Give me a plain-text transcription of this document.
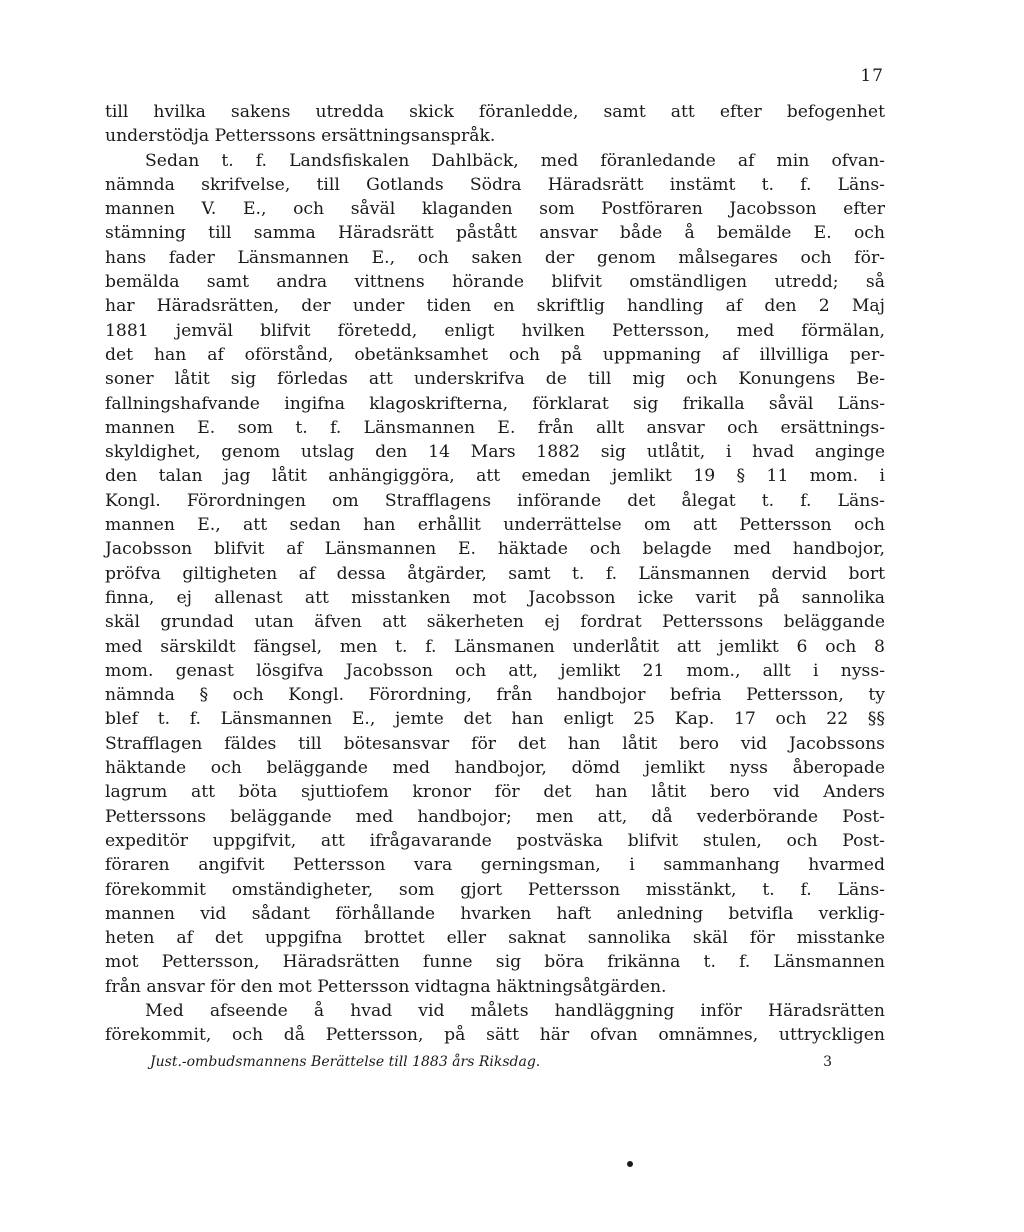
17
till hvilka sakens utredda skick föranledde, samt att efter befogenhet
understödja Petterssons ersättningsanspråk.
Sedan t. f. Landsfiskalen Dahlbäck, med föranledande af min ofvan-
nämnda skrifvelse, till Gotlands Södra Häradsrätt instämt t. f. Läns-
mannen V. E., och såväl klaganden som Postföraren Jacobsson efter
stämning till samma Häradsrätt påstått ansvar både å bemälde E. och
hans fader Länsmannen E., och saken der genom målsegares och för-
bemälda samt andra vittnens hörande blifvit omständligen utredd; så
har Häradsrätten, der under tiden en skriftlig handling af den 2 Maj
1881 jemväl blifvit företedd, enligt hvilken Pettersson, med förmälan,
det han af oförstånd, obetänksamhet och på uppmaning af illvilliga per-
soner låtit sig förledas att underskrifva de till mig och Konungens Be-
fallningshafvande ingifna klagoskrifterna, förklarat sig frikalla såväl Läns-
mannen E. som t. f. Länsmannen E. från allt ansvar och ersättnings-
skyldighet, genom utslag den 14 Mars 1882 sig utlåtit, i hvad anginge
den talan jag låtit anhängiggöra, att emedan jemlikt 19 § 11 mom. i
Kongl. Förordningen om Strafflagens införande det ålegat t. f. Läns-
mannen E., att sedan han erhållit underrättelse om att Pettersson och
Jacobsson blifvit af Länsmannen E. häktade och belagde med handbojor,
pröfva giltigheten af dessa åtgärder, samt t. f. Länsmannen dervid bort
finna, ej allenast att misstanken mot Jacobsson icke varit på sannolika
skäl grundad utan äfven att säkerheten ej fordrat Petterssons beläggande
med särskildt fängsel, men t. f. Länsmanen underlåtit att jemlikt 6 och 8
mom. genast lösgifva Jacobsson och att, jemlikt 21 mom., allt i nyss-
nämnda § och Kongl. Förordning, från handbojor befria Pettersson, ty
blef t. f. Länsmannen E., jemte det han enligt 25 Kap. 17 och 22 §§
Strafflagen fäldes till bötesansvar för det han låtit bero vid Jacobssons
häktande och beläggande med handbojor, dömd jemlikt nyss åberopade
lagrum att böta sjuttiofem kronor för det han låtit bero vid Anders
Petterssons beläggande med handbojor; men att, då vederbörande Post-
expeditör uppgifvit, att ifrågavarande postväska blifvit stulen, och Post-
föraren angifvit Pettersson vara gerningsman, i sammanhang hvarmed
förekommit omständigheter, som gjort Pettersson misstänkt, t. f. Läns-
mannen vid sådant förhållande hvarken haft anledning betvifla verklig-
heten af det uppgifna brottet eller saknat sannolika skäl för misstanke
mot Pettersson, Häradsrätten funne sig böra frikänna t. f. Länsmannen
från ansvar för den mot Pettersson vidtagna häktningsåtgärden.
Med afseende å hvad vid målets handläggning inför Häradsrätten
förekommit, och då Pettersson, på sätt här ofvan omnämnes, uttryckligen
Just.-ombudsmannens Berättelse till 1883 års Riksdag.	3
